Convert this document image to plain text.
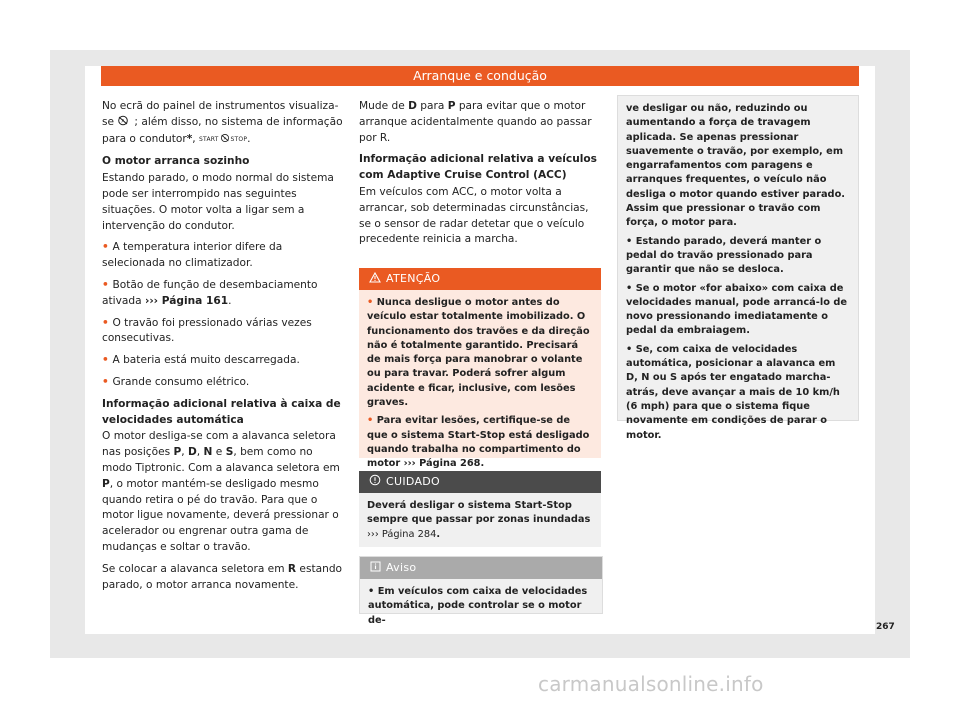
Arranque e condução

No ecrã do painel de instrumentos visualiza-se A ; além disso, no sistema de informação para o condutor*, START A STOP.

O motor arranca sozinho

Estando parado, o modo normal do sistema pode ser interrompido nas seguintes situações. O motor volta a ligar sem a intervenção do condutor.

• A temperatura interior difere da selecionada no climatizador.

• Botão de função de desembaciamento ativada ››› Página 161.

• O travão foi pressionado várias vezes consecutivas.

• A bateria está muito descarregada.

• Grande consumo elétrico.

Informação adicional relativa à caixa de velocidades automática

O motor desliga-se com a alavanca seletora nas posições P, D, N e S, bem como no modo Tiptronic. Com a alavanca seletora em P, o motor mantém-se desligado mesmo quando retira o pé do travão. Para que o motor ligue novamente, deverá pressionar o acelerador ou engrenar outra gama de mudanças e soltar o travão.

Se colocar a alavanca seletora em R estando parado, o motor arranca novamente.

Mude de D para P para evitar que o motor arranque acidentalmente quando ao passar por R.

Informação adicional relativa a veículos com Adaptive Cruise Control (ACC)

Em veículos com ACC, o motor volta a arrancar, sob determinadas circunstâncias, se o sensor de radar detetar que o veículo precedente reinicia a marcha.

ATENÇÃO

• Nunca desligue o motor antes do veículo estar totalmente imobilizado. O funcionamento dos travões e da direção não é totalmente garantido. Precisará de mais força para manobrar o volante ou para travar. Poderá sofrer algum acidente e ficar, inclusive, com lesões graves.

• Para evitar lesões, certifique-se de que o sistema Start-Stop está desligado quando trabalha no compartimento do motor ››› Página 268.

CUIDADO
Deverá desligar o sistema Start-Stop sempre que passar por zonas inundadas ››› Página 284.
Aviso

• Em veículos com caixa de velocidades automática, pode controlar se o motor de-

ve desligar ou não, reduzindo ou aumentando a força de travagem aplicada. Se apenas pressionar suavemente o travão, por exemplo, em engarrafamentos com paragens e arranques frequentes, o veículo não desliga o motor quando estiver parado. Assim que pressionar o travão com força, o motor para.

• Estando parado, deverá manter o pedal do travão pressionado para garantir que não se desloca.

• Se o motor «for abaixo» com caixa de velocidades manual, pode arrancá-lo de novo pressionando imediatamente o pedal da embraiagem.

• Se, com caixa de velocidades automática, posicionar a alavanca em D, N ou S após ter engatado marcha-atrás, deve avançar a mais de 10 km/h (6 mph) para que o sistema fique novamente em condições de parar o motor.

267
carmanualsonline.info
